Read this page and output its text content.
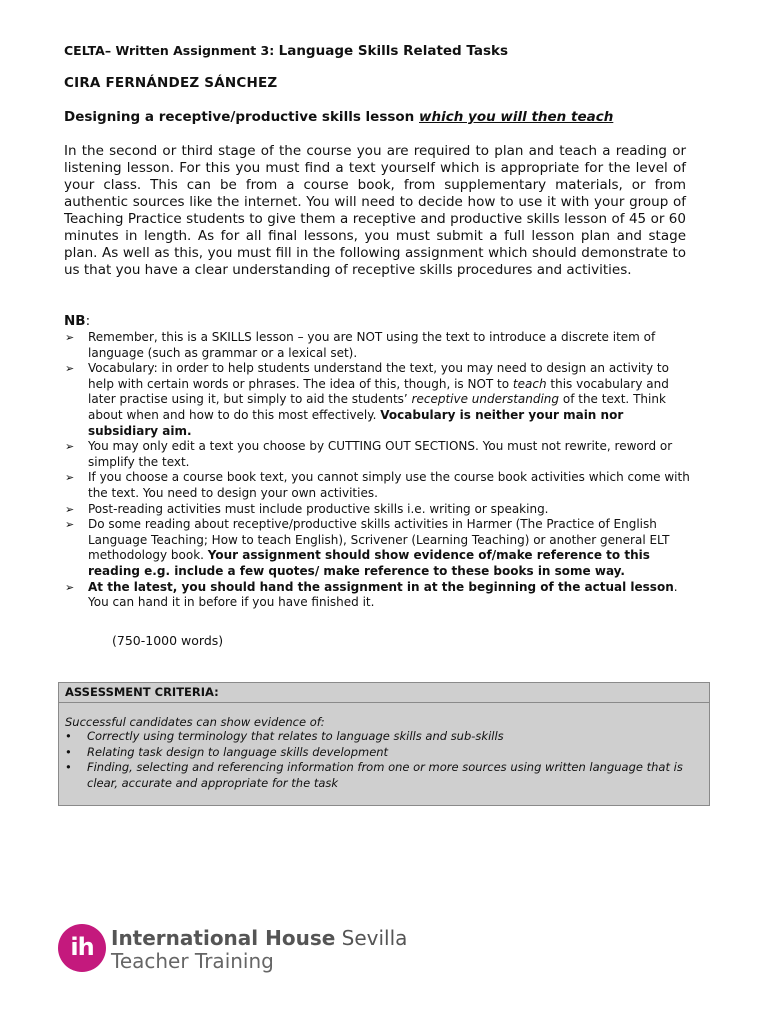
CELTA– Written Assignment 3: Language Skills Related Tasks
CIRA FERNÁNDEZ SÁNCHEZ
Designing a receptive/productive skills lesson which you will then teach
In the second or third stage of the course you are required to plan and teach a reading or listening lesson. For this you must find a text yourself which is appropriate for the level of your class. This can be from a course book, from supplementary materials, or from authentic sources like the internet. You will need to decide how to use it with your group of Teaching Practice students to give them a receptive and productive skills lesson of 45 or 60 minutes in length. As for all final lessons, you must submit a full lesson plan and stage plan. As well as this, you must fill in the following assignment which should demonstrate to us that you have a clear understanding of receptive skills procedures and activities.
NB:
➢ Remember, this is a SKILLS lesson – you are NOT using the text to introduce a discrete item of language (such as grammar or a lexical set).
➢ Vocabulary: in order to help students understand the text, you may need to design an activity to help with certain words or phrases. The idea of this, though, is NOT to teach this vocabulary and later practise using it, but simply to aid the students’ receptive understanding of the text. Think about when and how to do this most effectively. Vocabulary is neither your main nor subsidiary aim.
➢ You may only edit a text you choose by CUTTING OUT SECTIONS. You must not rewrite, reword or simplify the text.
➢ If you choose a course book text, you cannot simply use the course book activities which come with the text. You need to design your own activities.
➢ Post-reading activities must include productive skills i.e. writing or speaking.
➢ Do some reading about receptive/productive skills activities in Harmer (The Practice of English Language Teaching; How to teach English), Scrivener (Learning Teaching) or another general ELT methodology book. Your assignment should show evidence of/make reference to this reading e.g. include a few quotes/ make reference to these books in some way.
➢ At the latest, you should hand the assignment in at the beginning of the actual lesson. You can hand it in before if you have finished it.
(750-1000 words)
ASSESSMENT CRITERIA:
Successful candidates can show evidence of:
• Correctly using terminology that relates to language skills and sub-skills
• Relating task design to language skills development
• Finding, selecting and referencing information from one or more sources using written language that is clear, accurate and appropriate for the task
ih International House Sevilla
Teacher Training
